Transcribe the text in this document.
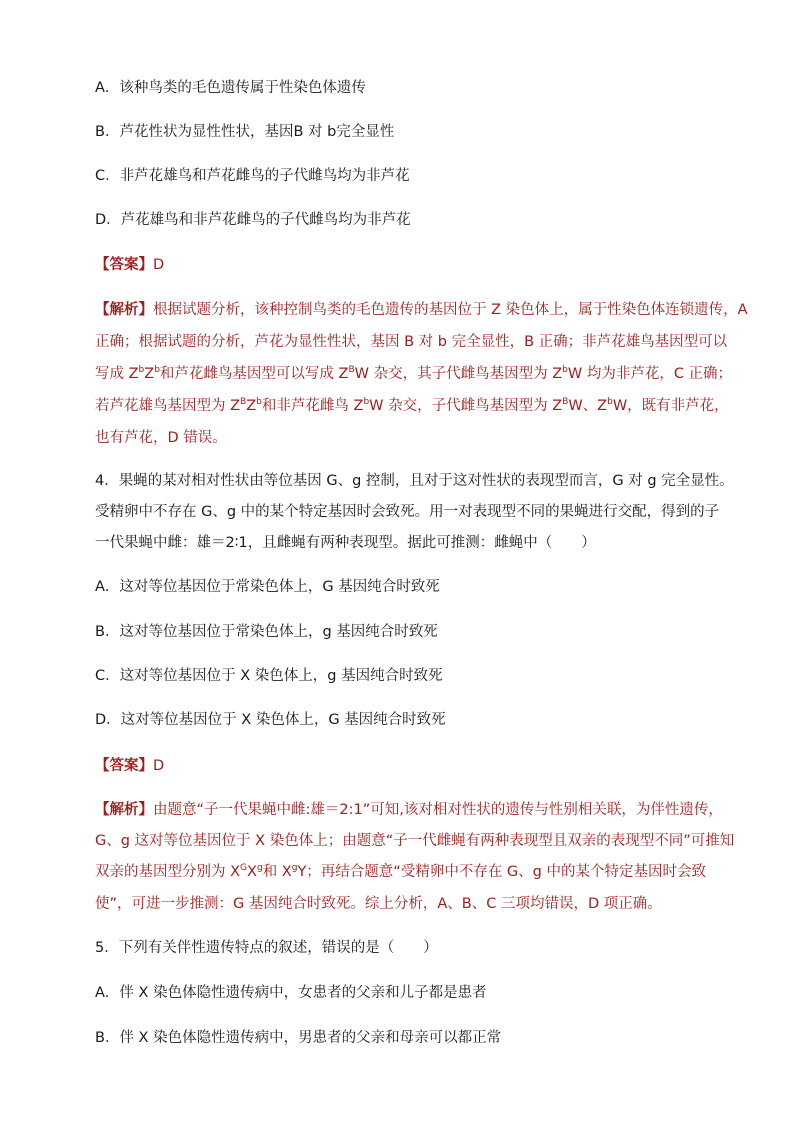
A．该种鸟类的毛色遗传属于性染色体遗传
B．芦花性状为显性性状，基因B 对 b完全显性
C．非芦花雄鸟和芦花雌鸟的子代雌鸟均为非芦花
D．芦花雄鸟和非芦花雌鸟的子代雌鸟均为非芦花
【答案】D
【解析】根据试题分析，该种控制鸟类的毛色遗传的基因位于 Z 染色体上，属于性染色体连锁遗传，A
正确；根据试题的分析，芦花为显性性状，基因 B 对 b 完全显性，B 正确；非芦花雄鸟基因型可以
写成 $Z^bZ^b$和芦花雌鸟基因型可以写成 $Z^BW$ 杂交，其子代雌鸟基因型为 $Z^bW$ 均为非芦花，C 正确；
若芦花雄鸟基因型为 $Z^BZ^b$和非芦花雌鸟 $Z^bW$ 杂交，子代雌鸟基因型为 $Z^BW$、$Z^bW$，既有非芦花，
也有芦花，D 错误。
4．果蝇的某对相对性状由等位基因 G、g 控制，且对于这对性状的表现型而言，G 对 g 完全显性。
受精卵中不存在 G、g 中的某个特定基因时会致死。用一对表现型不同的果蝇进行交配，得到的子
一代果蝇中雌：雄＝2∶1，且雌蝇有两种表现型。据此可推测：雌蝇中（　　）
A．这对等位基因位于常染色体上，G 基因纯合时致死
B．这对等位基因位于常染色体上，g 基因纯合时致死
C．这对等位基因位于 X 染色体上，g 基因纯合时致死
D．这对等位基因位于 X 染色体上，G 基因纯合时致死
【答案】D
【解析】由题意“子一代果蝇中雌:雄＝2:1”可知,该对相对性状的遗传与性别相关联，为伴性遗传，
G、g 这对等位基因位于 X 染色体上；由题意“子一代雌蝇有两种表现型且双亲的表现型不同”可推知
双亲的基因型分别为 $X^GX^g$和 $X^gY$；再结合题意“受精卵中不存在 G、g 中的某个特定基因时会致
使”，可进一步推测：G 基因纯合时致死。综上分析，A、B、C 三项均错误，D 项正确。
5．下列有关伴性遗传特点的叙述，错误的是（　　）
A．伴 X 染色体隐性遗传病中，女患者的父亲和儿子都是患者
B．伴 X 染色体隐性遗传病中，男患者的父亲和母亲可以都正常
